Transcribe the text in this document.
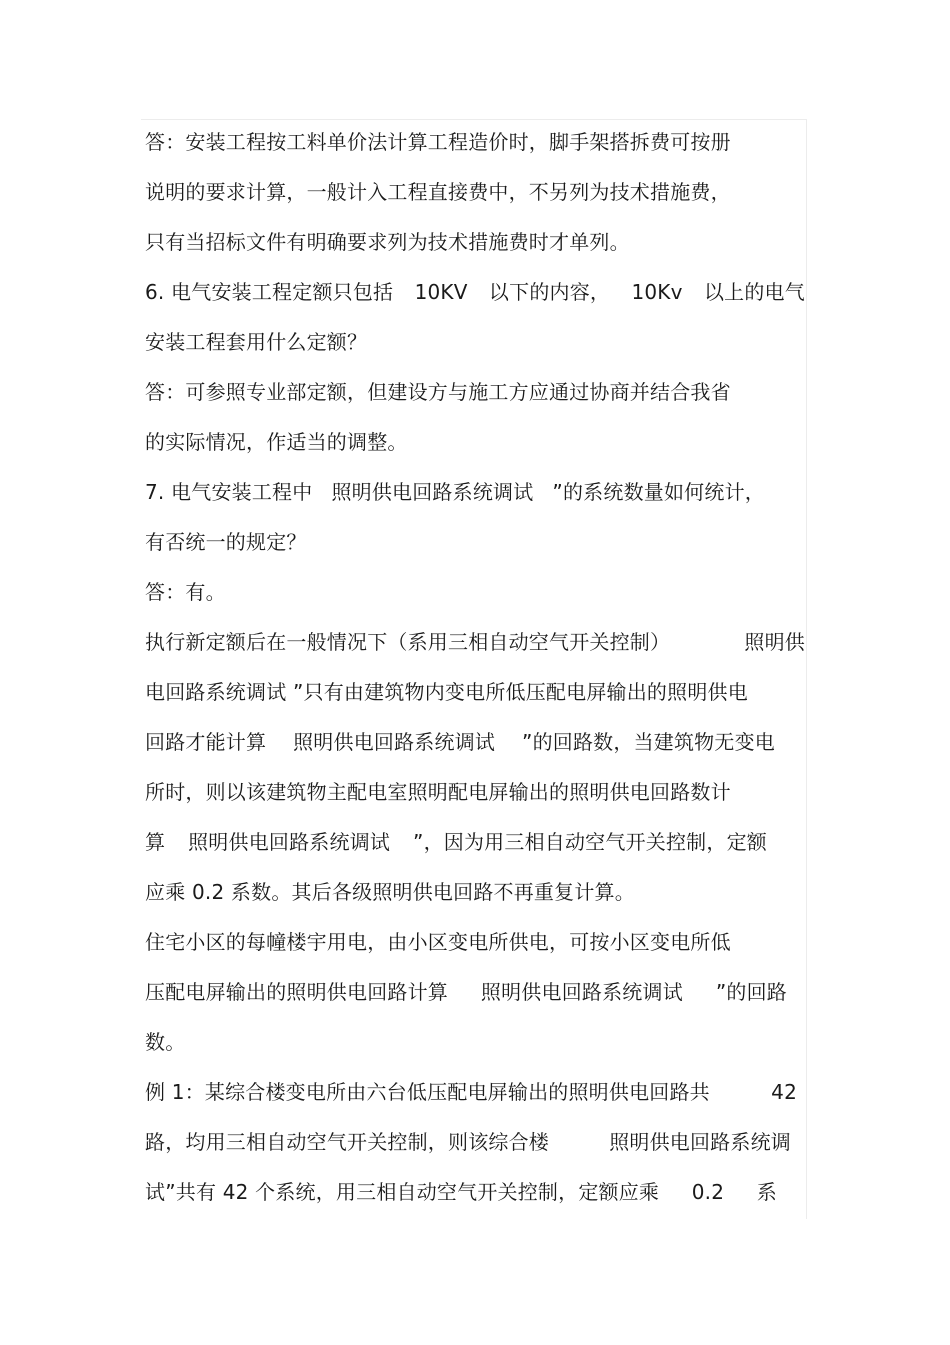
答：安装工程按工料单价法计算工程造价时，脚手架搭拆费可按册
说明的要求计算，一般计入工程直接费中，不另列为技术措施费，
只有当招标文件有明确要求列为技术措施费时才单列。
6. 电气安装工程定额只包括 10KV 以下的内容， 10Kv 以上的电气
安装工程套用什么定额？
答：可参照专业部定额，但建设方与施工方应通过协商并结合我省
的实际情况，作适当的调整。
7. 电气安装工程中 照明供电回路系统调试 ”的系统数量如何统计，
有否统一的规定？
答：有。
执行新定额后在一般情况下（系用三相自动空气开关控制）	照明供
电回路系统调试 ”只有由建筑物内变电所低压配电屏输出的照明供电
回路才能计算 照明供电回路系统调试 ”的回路数，当建筑物无变电
所时，则以该建筑物主配电室照明配电屏输出的照明供电回路数计
算 照明供电回路系统调试 ”，因为用三相自动空气开关控制，定额
应乘 0.2 系数。其后各级照明供电回路不再重复计算。
住宅小区的每幢楼宇用电，由小区变电所供电，可按小区变电所低
压配电屏输出的照明供电回路计算 照明供电回路系统调试 ”的回路
数。
例 1：某综合楼变电所由六台低压配电屏输出的照明供电回路共	42
路，均用三相自动空气开关控制，则该综合楼	照明供电回路系统调
试”共有 42 个系统，用三相自动空气开关控制，定额应乘 0.2 系
